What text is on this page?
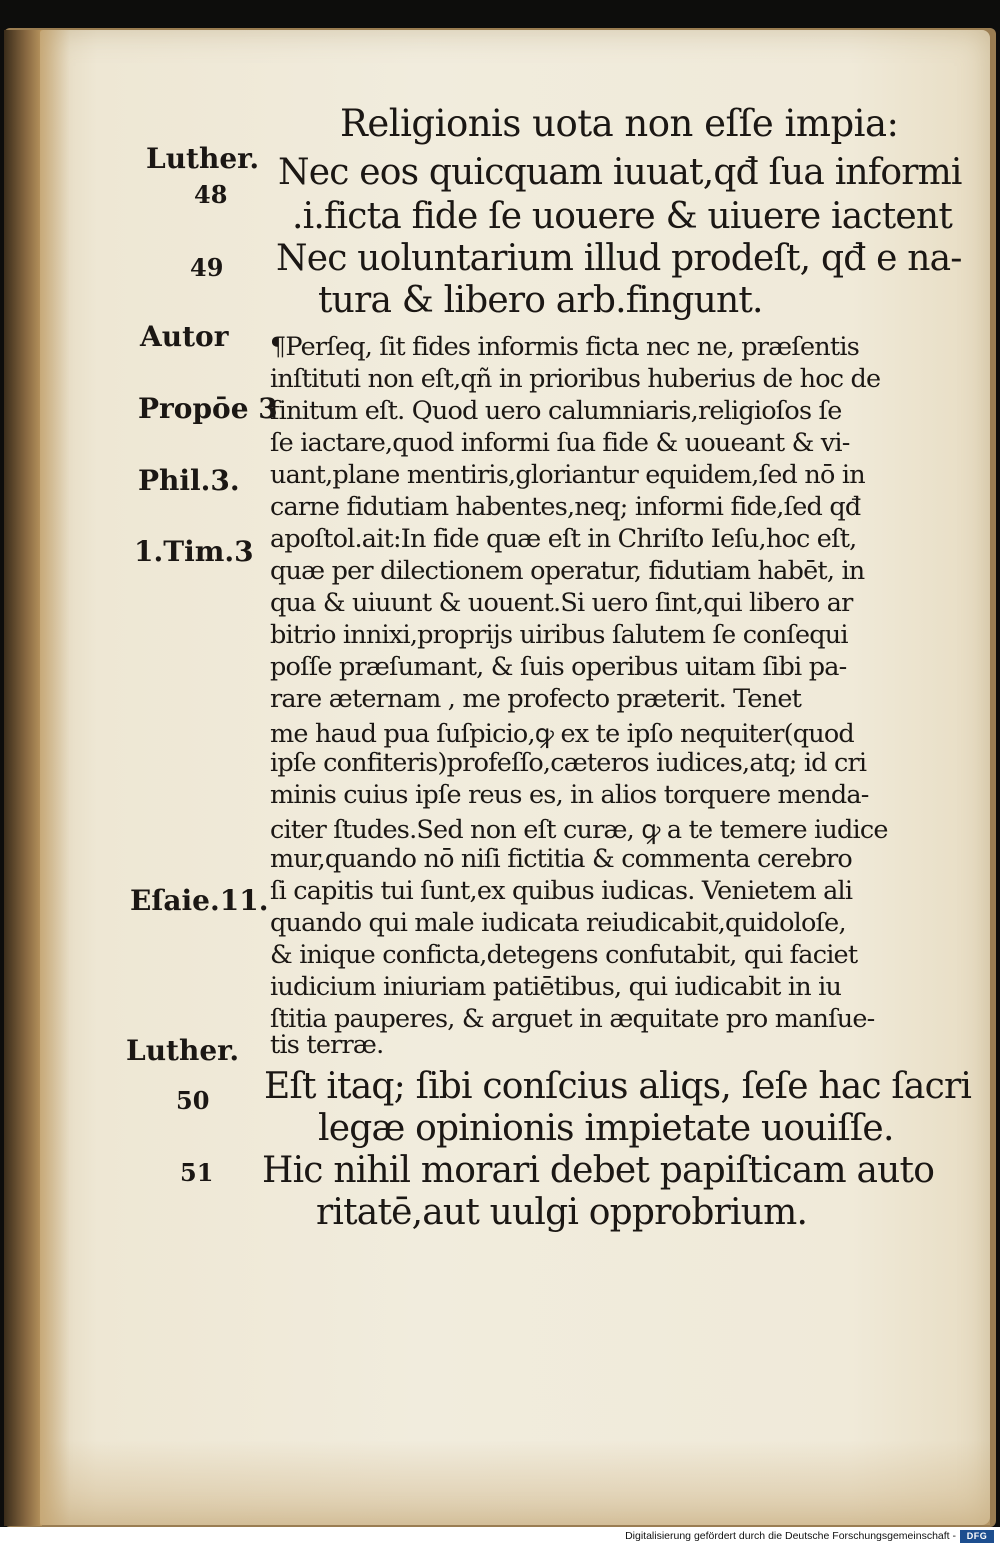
Religionis uota non eſſe impia:
Luther.
48
49
Autor
Propōe 3
Phil.3.
1.Tim.3
Eſaie.11.
Luther.
50
51
Nec eos quicquam iuuat,qđ ſua informi
.i.ficta fide ſe uouere & uiuere iactent
Nec uoluntarium illud prodeſt, qđ e na-
tura & libero arb.fingunt.
¶Perſeq, ſit fides informis ficta nec ne, præſentis
inſtituti non eſt,qñ in prioribus huberius de hoc de
finitum eſt. Quod uero calumniaris,religioſos ſe
ſe iactare,quod informi ſua fide & uoueant & vi-
uant,plane mentiris,gloriantur equidem,ſed nō in
carne fidutiam habentes,neq; informi fide,ſed qđ
apoſtol.ait:In fide quæ eſt in Chriſto Ieſu,hoc eſt,
quæ per dilectionem operatur, fidutiam habēt, in
qua & uiuunt & uouent.Si uero ſint,qui libero ar
bitrio innixi,proprijs uiribus ſalutem ſe conſequi
poſſe præſumant, & ſuis operibus uitam ſibi pa-
rare æternam , me profecto præterit. Tenet
me haud pua ſuſpicio,ꝙ ex te ipſo nequiter(quod
ipſe confiteris)profeſſo,cæteros iudices,atq; id cri
minis cuius ipſe reus es, in alios torquere menda-
citer ſtudes.Sed non eſt curæ, ꝙ a te temere iudice
mur,quando nō niſi fictitia & commenta cerebro
ſi capitis tui ſunt,ex quibus iudicas. Venietem ali
quando qui male iudicata reiudicabit,quidoloſe,
& inique conficta,detegens confutabit, qui faciet
iudicium iniuriam patiētibus, qui iudicabit in iu
ſtitia pauperes, & arguet in æquitate pro manſue-
tis terræ.
Eſt itaq; ſibi conſcius aliqs, ſeſe hac ſacri
legæ opinionis impietate uouiſſe.
Hic nihil morari debet papiſticam auto
ritatē,aut uulgi opprobrium.
Digitalisierung gefördert durch die Deutsche Forschungsgemeinschaft -	DFG
